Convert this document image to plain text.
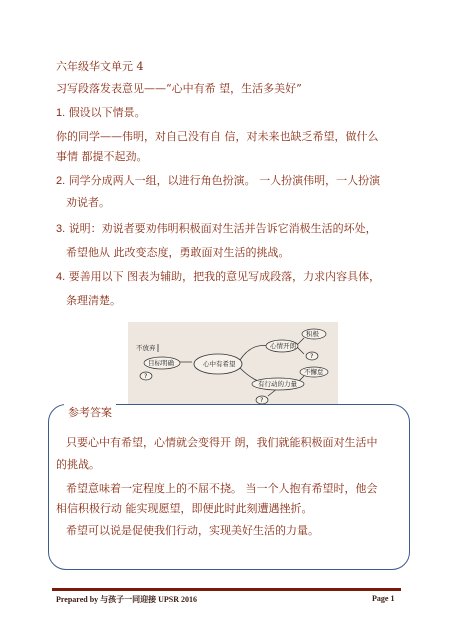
六年级华文单元 4
习写段落发表意见——“心中有希 望，生活多美好”
1. 假设以下情景。
你的同学——伟明，对自己没有自 信，对未来也缺乏希望，做什么
事情 都提不起劲。
2. 同学分成两人一组，以进行角色扮演。 一人扮演伟明，一人扮演
劝说者。
3. 说明：劝说者要劝伟明积极面对生活并告诉它消极生活的坏处，
希望他从 此改变态度，勇敢面对生活的挑战。
4. 要善用以下 图表为辅助，把我的意见写成段落，力求内容具体，
条理清楚。
心中有希望
不放弃
目标明确
心情开朗
积极
?
有行动的力量
不懈怠
?
?
参考答案
只要心中有希望，心情就会变得开 朗，我们就能积极面对生活中
的挑战。
希望意味着一定程度上的不屈不挠。 当一个人抱有希望时，他会
相信积极行动 能实现愿望，即便此时此刻遭遇挫折。
希望可以说是促使我们行动，实现美好生活的力量。
Prepared by 与孩子一同迎接 UPSR 2016	Page 1
